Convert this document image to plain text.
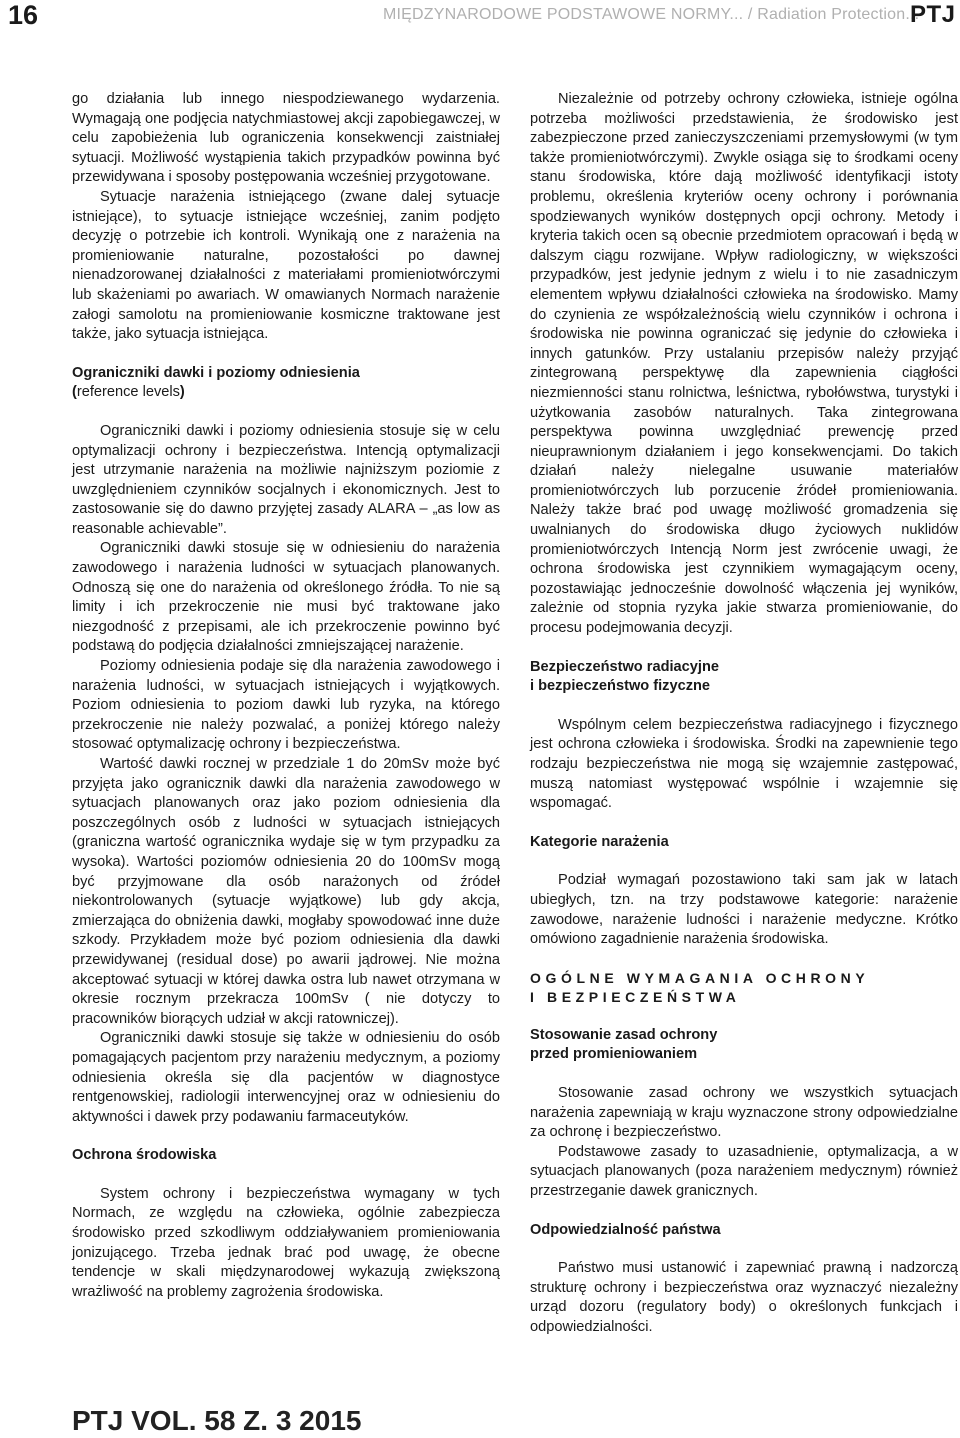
16	MIĘDZYNARODOWE PODSTAWOWE NORMY... / Radiation Protection...
PTJ

go działania lub innego niespodziewanego wydarzenia. Wymagają one podjęcia natychmiastowej akcji zapobiegawczej, w celu zapobieżenia lub ograniczenia konsekwencji zaistniałej sytuacji. Możliwość wystąpienia takich przypadków powinna być przewidywana i sposoby postępowania wcześniej przygotowane.

Sytuacje narażenia istniejącego (zwane dalej sytuacje istniejące), to sytuacje istniejące wcześniej, zanim podjęto decyzję o potrzebie ich kontroli. Wynikają one z narażenia na promieniowanie naturalne, pozostałości po dawnej nienadzorowanej działalności z materiałami promieniotwórczymi lub skażeniami po awariach. W omawianych Normach narażenie załogi samolotu na promieniowanie kosmiczne traktowane jest także, jako sytuacja istniejąca.

Ograniczniki dawki i poziomy odniesienia
(reference levels)

Ograniczniki dawki i poziomy odniesienia stosuje się w celu optymalizacji ochrony i bezpieczeństwa. Intencją optymalizacji jest utrzymanie narażenia na możliwie najniższym poziomie z uwzględnieniem czynników socjalnych i ekonomicznych. Jest to zastosowanie się do dawno przyjętej zasady ALARA – „as low as reasonable achievable”.

Ograniczniki dawki stosuje się w odniesieniu do narażenia zawodowego i narażenia ludności w sytuacjach planowanych. Odnoszą się one do narażenia od określonego źródła. To nie są limity i ich przekroczenie nie musi być traktowane jako niezgodność z przepisami, ale ich przekroczenie powinno być podstawą do podjęcia działalności zmniejszającej narażenie.

Poziomy odniesienia podaje się dla narażenia zawodowego i narażenia ludności, w sytuacjach istniejących i wyjątkowych. Poziom odniesienia to poziom dawki lub ryzyka, na którego przekroczenie nie należy pozwalać, a poniżej którego należy stosować optymalizację ochrony i bezpieczeństwa.

Wartość dawki rocznej w przedziale 1 do 20mSv może być przyjęta jako ogranicznik dawki dla narażenia zawodowego w sytuacjach planowanych oraz jako poziom odniesienia dla poszczególnych osób z ludności w sytuacjach istniejących (granicznа wartość ogranicznika wydaje się w tym przypadku za wysoka). Wartości poziomów odniesienia 20 do 100mSv mogą być przyjmowane dla osób narażonych od źródeł niekontrolowanych (sytuacje wyjątkowe) lub gdy akcja, zmierzająca do obniżenia dawki, mogłaby spowodować inne duże szkody. Przykładem może być poziom odniesienia dla dawki przewidywanej (residual dose) po awarii jądrowej. Nie można akceptować sytuacji w której dawka ostra lub nawet otrzymana w okresie rocznym przekracza 100mSv ( nie dotyczy to pracowników biorących udział w akcji ratowniczej).

Ograniczniki dawki stosuje się także w odniesieniu do osób pomagających pacjentom przy narażeniu medycznym, a poziomy odniesienia określa się dla pacjentów w diagnostyce rentgenowskiej, radiologii interwencyjnej oraz w odniesieniu do aktywności i dawek przy podawaniu farmaceutyków.

Ochrona środowiska

System ochrony i bezpieczeństwa wymagany w tych Normach, ze względu na człowieka, ogólnie zabezpiecza środowisko przed szkodliwym oddziaływaniem promieniowania jonizującego. Trzeba jednak brać pod uwagę, że obecne tendencje w skali międzynarodowej wykazują zwiększoną wrażliwość na problemy zagrożenia środowiska.

Niezależnie od potrzeby ochrony człowieka, istnieje ogólna potrzeba możliwości przedstawienia, że środowisko jest zabezpieczone przed zanieczyszczeniami przemysłowymi (w tym także promieniotwórczymi). Zwykle osiąga się to środkami oceny stanu środowiska, które dają możliwość identyfikacji istoty problemu, określenia kryteriów oceny ochrony i porównania spodziewanych wyników dostępnych opcji ochrony. Metody i kryteria takich ocen są obecnie przedmiotem opracowań i będą w dalszym ciągu rozwijane. Wpływ radiologiczny, w większości przypadków, jest jedynie jednym z wielu i to nie zasadniczym elementem wpływu działalności człowieka na środowisko. Mamy do czynienia ze współzależnością wielu czynników i ochrona i środowiska nie powinna ograniczać się jedynie do człowieka i innych gatunków. Przy ustalaniu przepisów należy przyjąć zintegrowaną perspektywę dla zapewnienia ciągłości niezmienności stanu rolnictwa, leśnictwa, rybołówstwa, turystyki i użytkowania zasobów naturalnych. Taka zintegrowana perspektywa powinna uwzględniać prewencję przed nieuprawnionym działaniem i jego konsekwencjami. Do takich działań należy nielegalne usuwanie materiałów promieniotwórczych lub porzucenie źródeł promieniowania. Należy także brać pod uwagę możliwość gromadzenia się uwalnianych do środowiska długo życiowych nuklidów promieniotwórczych Intencją Norm jest zwrócenie uwagi, że ochrona środowiska jest czynnikiem wymagającym oceny, pozostawiając jednocześnie dowolność włączenia jej wyników, zależnie od stopnia ryzyka jakie stwarza promieniowanie, do procesu podejmowania decyzji.

Bezpieczeństwo radiacyjne
i bezpieczeństwo fizyczne

Wspólnym celem bezpieczeństwa radiacyjnego i fizycznego jest ochrona człowieka i środowiska. Środki na zapewnienie tego rodzaju bezpieczeństwa nie mogą się wzajemnie zastępować, muszą natomiast występować wspólnie i wzajemnie się wspomagać.

Kategorie narażenia

Podział wymagań pozostawiono taki sam jak w latach ubiegłych, tzn. na trzy podstawowe kategorie: narażenie zawodowe, narażenie ludności i narażenie medyczne. Krótko omówiono zagadnienie narażenia środowiska.

OGÓLNE WYMAGANIA OCHRONY
I BEZPIECZEŃSTWA
Stosowanie zasad ochrony
przed promieniowaniem

Stosowanie zasad ochrony we wszystkich sytuacjach narażenia zapewniają w kraju wyznaczone strony odpowiedzialne za ochronę i bezpieczeństwo.

Podstawowe zasady to uzasadnienie, optymalizacja, a w sytuacjach planowanych (poza narażeniem medycznym) również przestrzeganie dawek granicznych.

Odpowiedzialność państwa

Państwo musi ustanowić i zapewniać prawną i nadzorczą strukturę ochrony i bezpieczeństwa oraz wyznaczyć niezależny urząd dozoru (regulatory body) o określonych funkcjach i odpowiedzialności.

PTJ VOL. 58 Z. 3 2015
